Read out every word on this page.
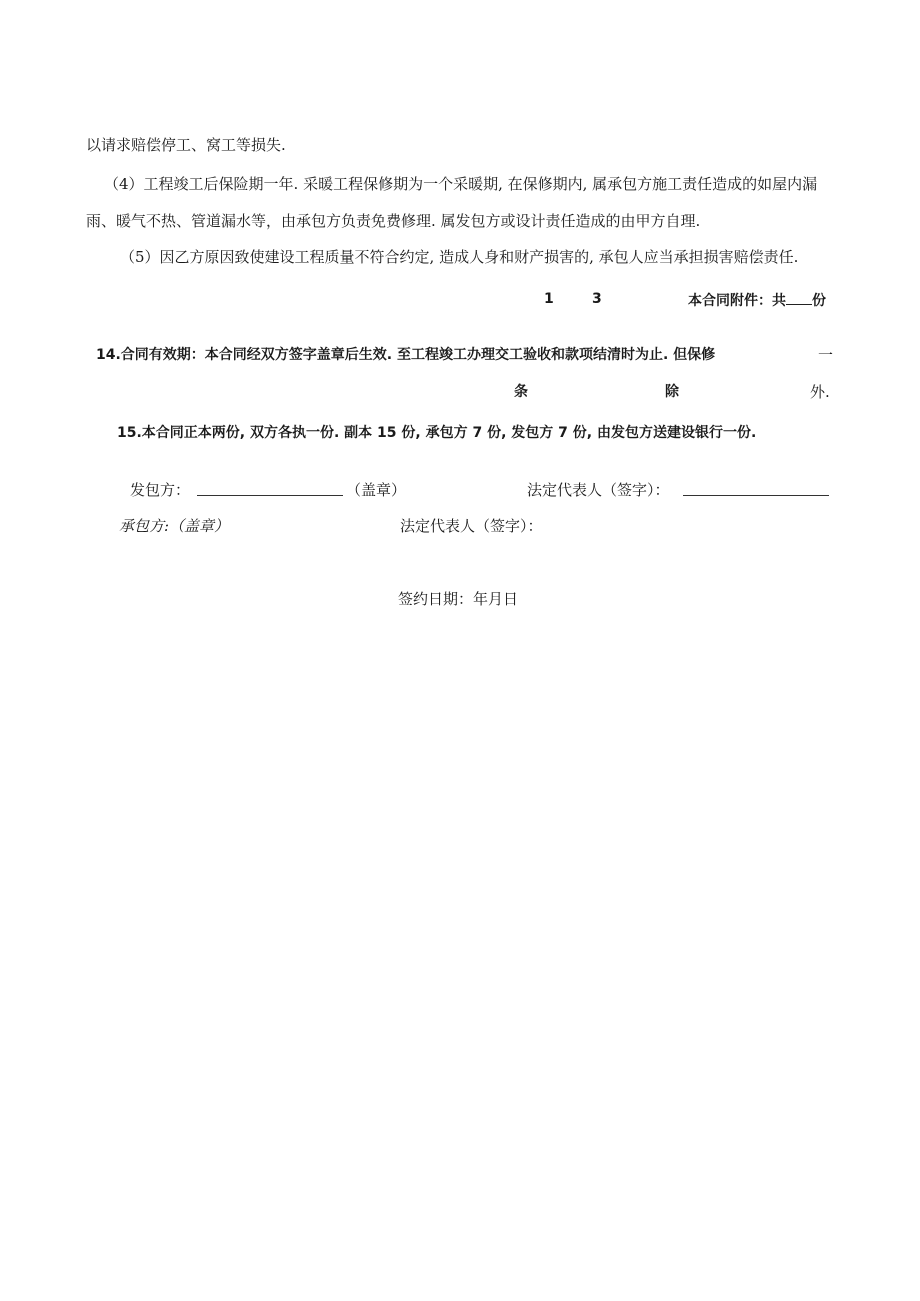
以请求赔偿停工、窝工等损失.
（4）工程竣工后保险期一年. 采暖工程保修期为一个采暖期, 在保修期内, 属承包方施工责任造成的如屋内漏
雨、暖气不热、管道漏水等，由承包方负责免费修理. 属发包方或设计责任造成的由甲方自理.
（5）因乙方原因致使建设工程质量不符合约定, 造成人身和财产损害的, 承包人应当承担损害赔偿责任.
1	3	本合同附件：共 份
14.合同有效期：本合同经双方签字盖章后生效. 至工程竣工办理交工验收和款项结清时为止. 但保修	一
条	除	外.
15.本合同正本两份, 双方各执一份. 副本 15 份, 承包方 7 份, 发包方 7 份, 由发包方送建设银行一份.
发包方：	（盖章）	法定代表人（签字）：
承包方:（盖章）	法定代表人（签字）：
签约日期：年月日
